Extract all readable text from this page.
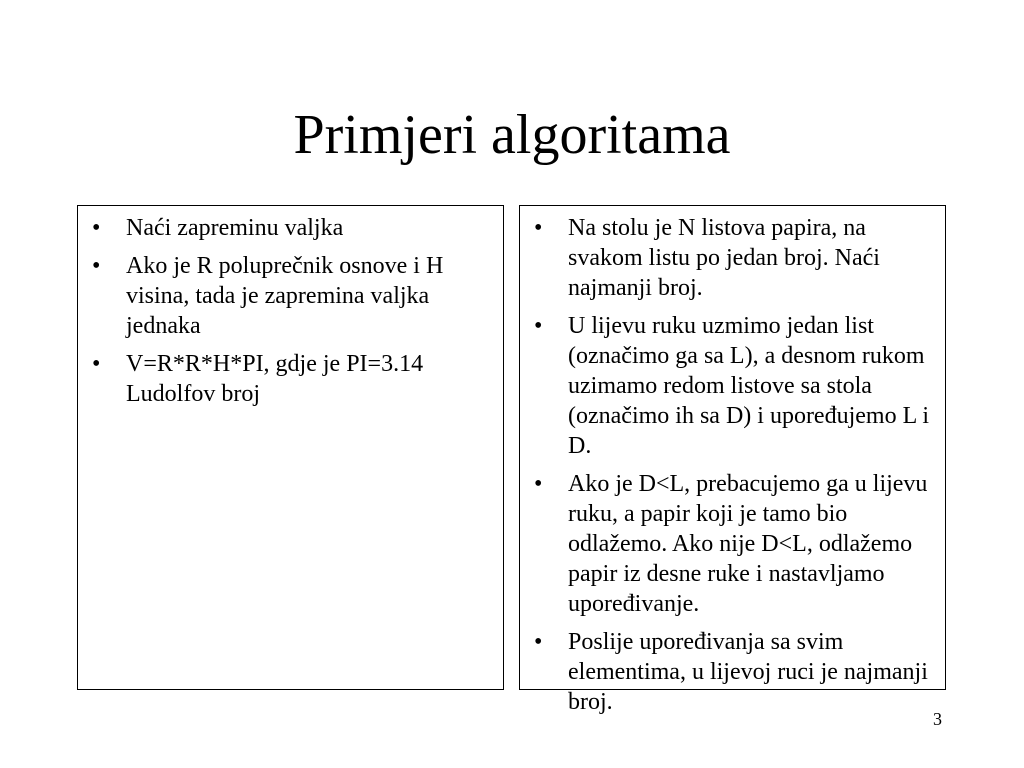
Primjeri algoritama
• Naći zapreminu valjka
• Ako je R poluprečnik osnove i H visina, tada je zapremina valjka jednaka
• V=R*R*H*PI, gdje je PI=3.14 Ludolfov broj
• Na stolu je N listova papira, na svakom listu po jedan broj. Naći najmanji broj.
• U lijevu ruku uzmimo jedan list (označimo ga sa L), a desnom rukom uzimamo redom listove sa stola (označimo ih sa D) i upoređujemo L i D.
• Ako je D<L, prebacujemo ga u lijevu ruku, a papir koji je tamo bio odlažemo. Ako nije D<L, odlažemo papir iz desne ruke i nastavljamo upoređivanje.
• Poslije upoređivanja sa svim elementima, u lijevoj ruci je najmanji broj.
3
